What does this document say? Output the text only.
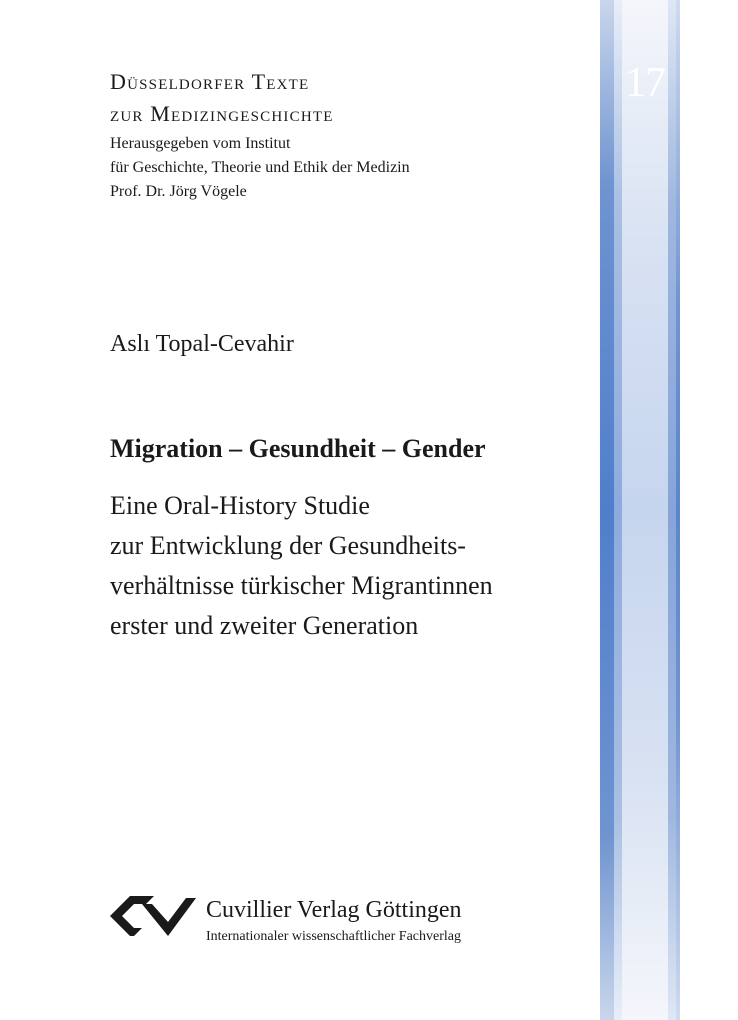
17
Düsseldorfer Texte
zur Medizingeschichte
Herausgegeben vom Institut
für Geschichte, Theorie und Ethik der Medizin
Prof. Dr. Jörg Vögele
Aslı Topal-Cevahir
Migration – Gesundheit – Gender
Eine Oral-History Studie
zur Entwicklung der Gesundheits-
verhältnisse türkischer Migrantinnen
erster und zweiter Generation
Cuvillier Verlag Göttingen
Internationaler wissenschaftlicher Fachverlag
